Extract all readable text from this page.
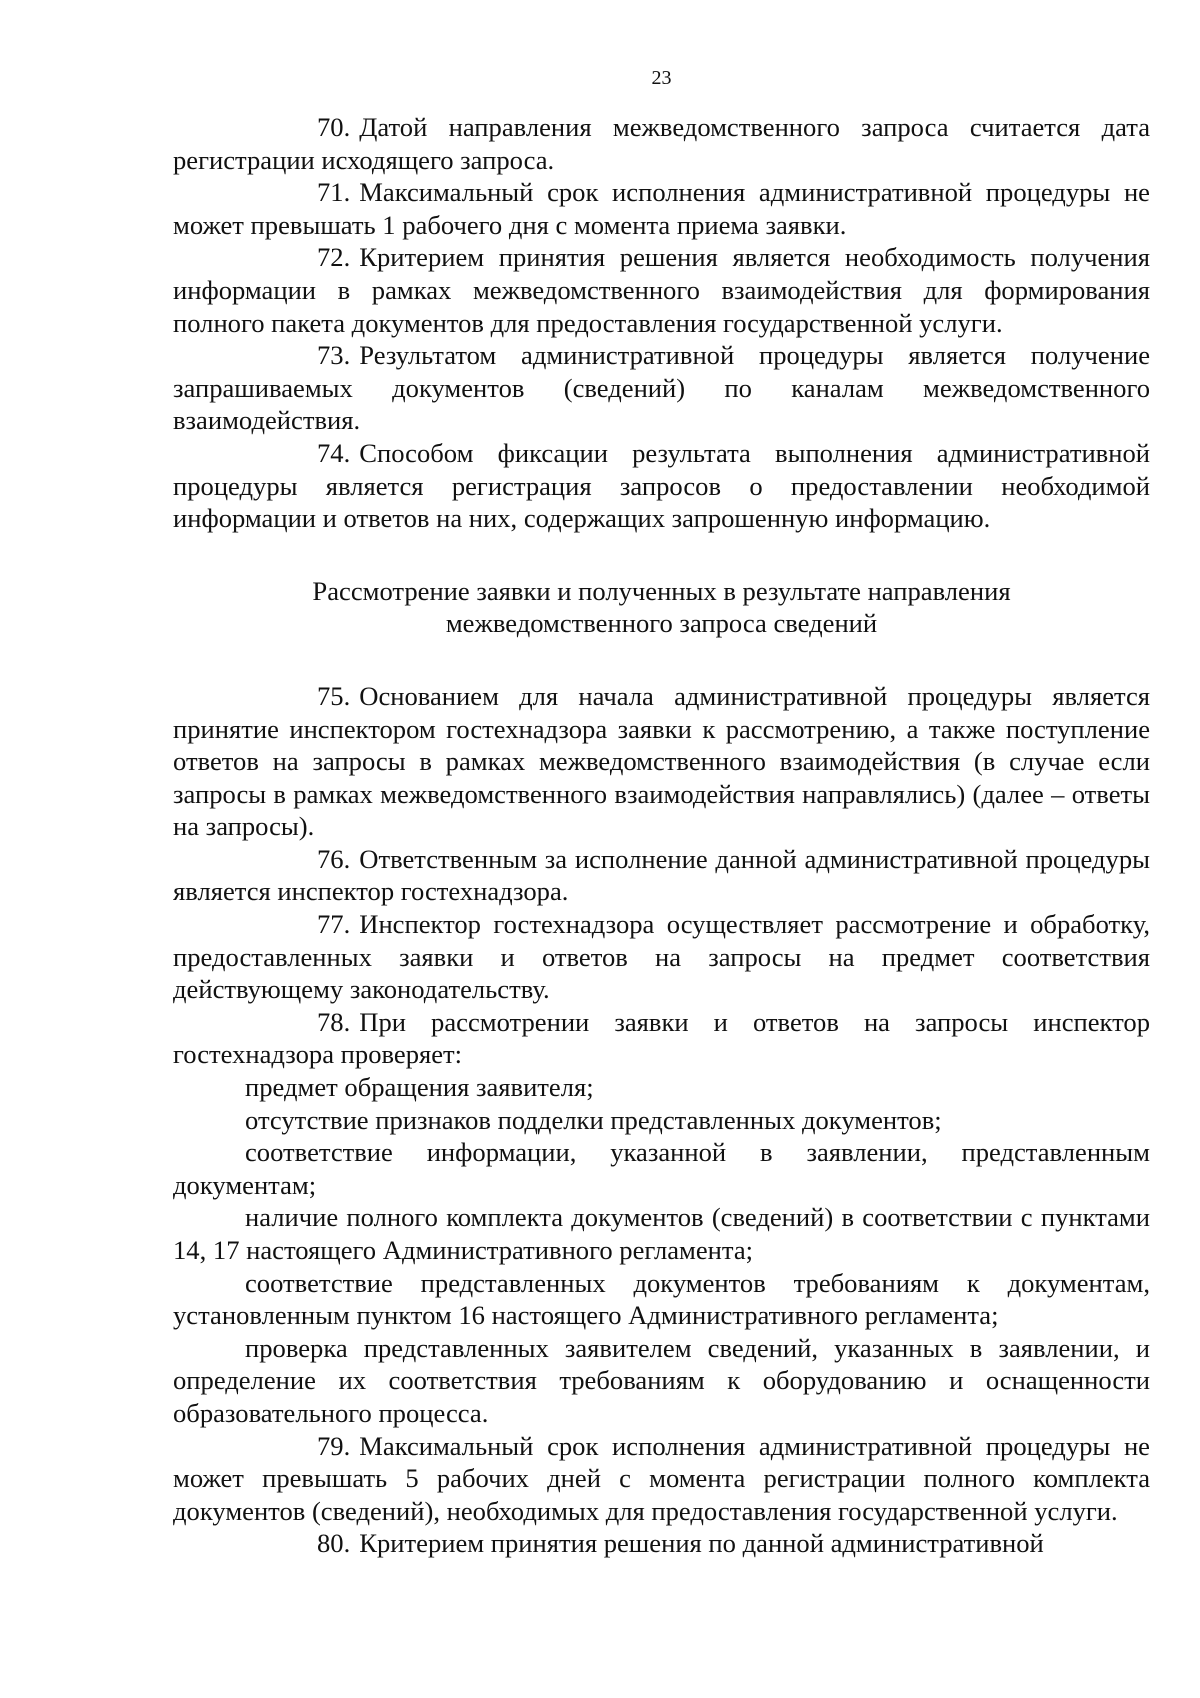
23

70. Датой направления межведомственного запроса считается дата регистрации исходящего запроса.

71. Максимальный срок исполнения административной процедуры не может превышать 1 рабочего дня с момента приема заявки.

72. Критерием принятия решения является необходимость получения информации в рамках межведомственного взаимодействия для формирования полного пакета документов для предоставления государственной услуги.

73. Результатом административной процедуры является получение запрашиваемых документов (сведений) по каналам межведомственного взаимодействия.

74. Способом фиксации результата выполнения административной процедуры является регистрация запросов о предоставлении необходимой информации и ответов на них, содержащих запрошенную информацию.

Рассмотрение заявки и полученных в результате направления
межведомственного запроса сведений

75. Основанием для начала административной процедуры является принятие инспектором гостехнадзора заявки к рассмотрению, а также поступление ответов на запросы в рамках межведомственного взаимодействия (в случае если запросы в рамках межведомственного взаимодействия направлялись) (далее – ответы на запросы).

76. Ответственным за исполнение данной административной процедуры является инспектор гостехнадзора.

77. Инспектор гостехнадзора осуществляет рассмотрение и обработку, предоставленных заявки и ответов на запросы на предмет соответствия действующему законодательству.

78. При рассмотрении заявки и ответов на запросы инспектор гостехнадзора проверяет:

предмет обращения заявителя;

отсутствие признаков подделки представленных документов;

соответствие информации, указанной в заявлении, представленным документам;

наличие полного комплекта документов (сведений) в соответствии с пунктами 14, 17 настоящего Административного регламента;

соответствие представленных документов требованиям к документам, установленным пунктом 16 настоящего Административного регламента;

проверка представленных заявителем сведений, указанных в заявлении, и определение их соответствия требованиям к оборудованию и оснащенности образовательного процесса.

79. Максимальный срок исполнения административной процедуры не может превышать 5 рабочих дней с момента регистрации полного комплекта документов (сведений), необходимых для предоставления государственной услуги.

80. Критерием принятия решения по данной административной
